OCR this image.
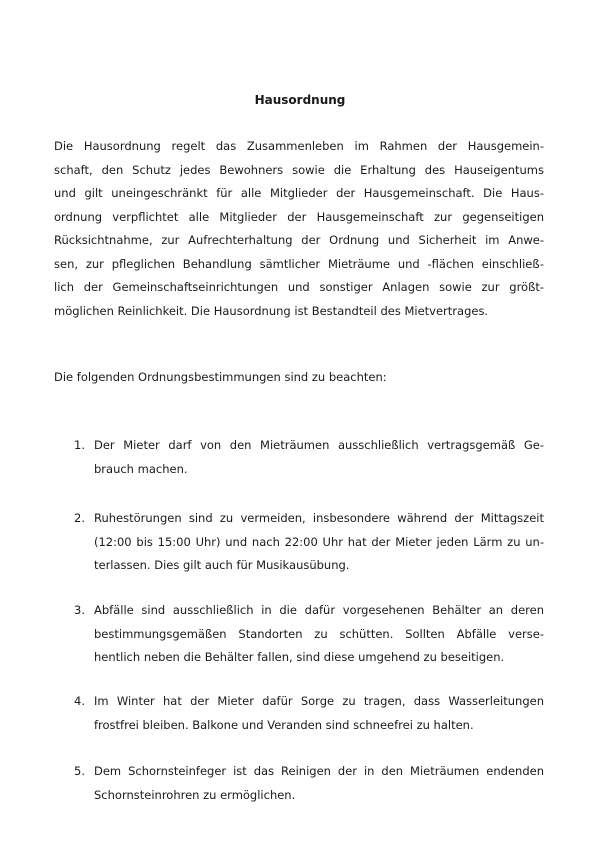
Hausordnung
Die Hausordnung regelt das Zusammenleben im Rahmen der Hausgemein-
schaft, den Schutz jedes Bewohners sowie die Erhaltung des Hauseigentums
und gilt uneingeschränkt für alle Mitglieder der Hausgemeinschaft. Die Haus-
ordnung verpflichtet alle Mitglieder der Hausgemeinschaft zur gegenseitigen
Rücksichtnahme, zur Aufrechterhaltung der Ordnung und Sicherheit im Anwe-
sen, zur pfleglichen Behandlung sämtlicher Mieträume und -flächen einschließ-
lich der Gemeinschaftseinrichtungen und sonstiger Anlagen sowie zur größt-
möglichen Reinlichkeit. Die Hausordnung ist Bestandteil des Mietvertrages.
Die folgenden Ordnungsbestimmungen sind zu beachten:
1. Der Mieter darf von den Mieträumen ausschließlich vertragsgemäß Ge-
brauch machen.
2. Ruhestörungen sind zu vermeiden, insbesondere während der Mittagszeit
(12:00 bis 15:00 Uhr) und nach 22:00 Uhr hat der Mieter jeden Lärm zu un-
terlassen. Dies gilt auch für Musikausübung.
3. Abfälle sind ausschließlich in die dafür vorgesehenen Behälter an deren
bestimmungsgemäßen Standorten zu schütten. Sollten Abfälle verse-
hentlich neben die Behälter fallen, sind diese umgehend zu beseitigen.
4. Im Winter hat der Mieter dafür Sorge zu tragen, dass Wasserleitungen
frostfrei bleiben. Balkone und Veranden sind schneefrei zu halten.
5. Dem Schornsteinfeger ist das Reinigen der in den Mieträumen endenden
Schornsteinrohren zu ermöglichen.
